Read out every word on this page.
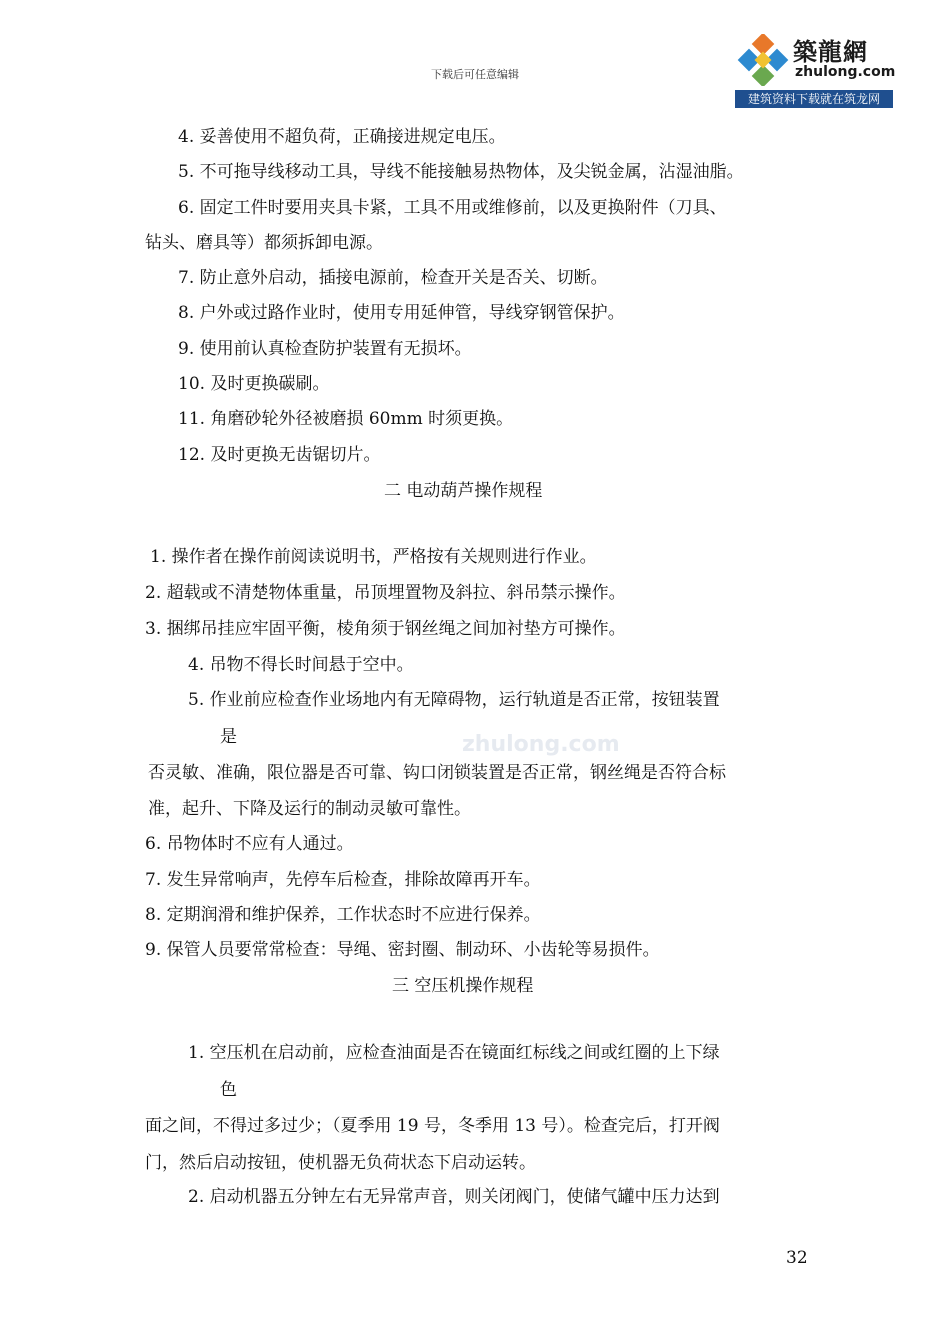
下载后可任意编辑
築龍網
zhulong.com
建筑资料下载就在筑龙网
zhulong.com
4. 妥善使用不超负荷，正确接进规定电压。
5. 不可拖导线移动工具，导线不能接触易热物体，及尖锐金属，沾湿油脂。
6. 固定工件时要用夹具卡紧，工具不用或维修前，以及更换附件（刀具、
钻头、磨具等）都须拆卸电源。
7. 防止意外启动，插接电源前，检查开关是否关、切断。
8. 户外或过路作业时，使用专用延伸管，导线穿钢管保护。
9. 使用前认真检查防护装置有无损坏。
10. 及时更换碳刷。
11. 角磨砂轮外径被磨损 60mm 时须更换。
12. 及时更换无齿锯切片。
二 电动葫芦操作规程
1. 操作者在操作前阅读说明书，严格按有关规则进行作业。
2. 超载或不清楚物体重量，吊顶埋置物及斜拉、斜吊禁示操作。
3. 捆绑吊挂应牢固平衡，棱角须于钢丝绳之间加衬垫方可操作。
4. 吊物不得长时间悬于空中。
5. 作业前应检查作业场地内有无障碍物，运行轨道是否正常，按钮装置
是
否灵敏、准确，限位器是否可靠、钩口闭锁装置是否正常，钢丝绳是否符合标
准，起升、下降及运行的制动灵敏可靠性。
6. 吊物体时不应有人通过。
7. 发生异常响声，先停车后检查，排除故障再开车。
8. 定期润滑和维护保养，工作状态时不应进行保养。
9. 保管人员要常常检查：导绳、密封圈、制动环、小齿轮等易损件。
三 空压机操作规程
1. 空压机在启动前，应检查油面是否在镜面红标线之间或红圈的上下绿
色
面之间，不得过多过少；（夏季用 19 号，冬季用 13 号）。检查完后，打开阀
门，然后启动按钮，使机器无负荷状态下启动运转。
2. 启动机器五分钟左右无异常声音，则关闭阀门，使储气罐中压力达到
32
